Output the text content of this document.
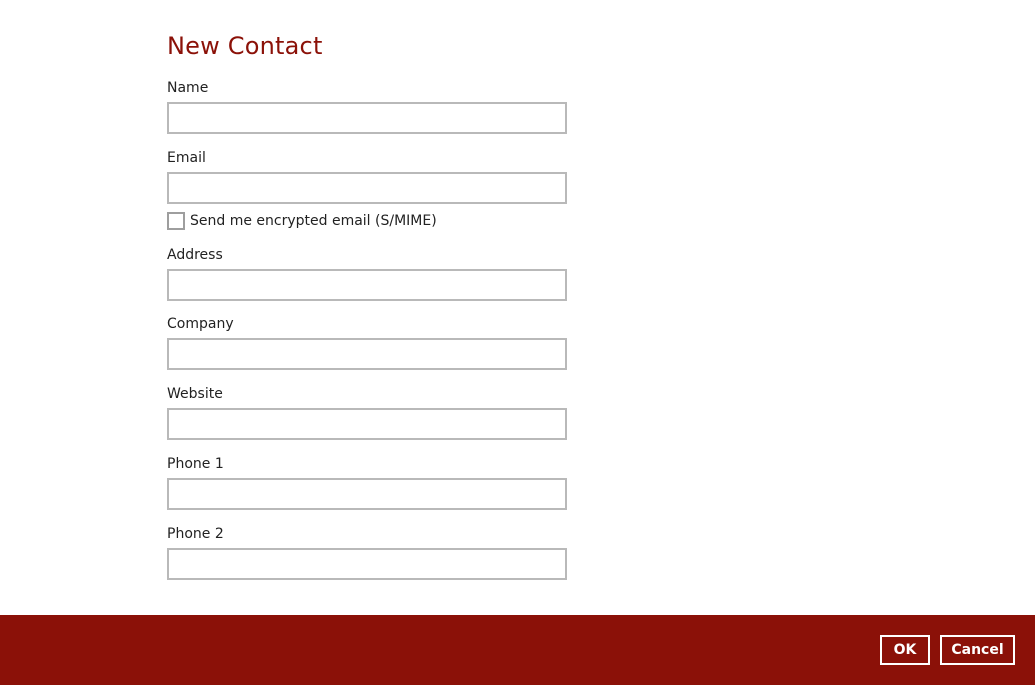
New Contact
Name
Email
Send me encrypted email (S/MIME)
Address
Company
Website
Phone 1
Phone 2
OK	Cancel
